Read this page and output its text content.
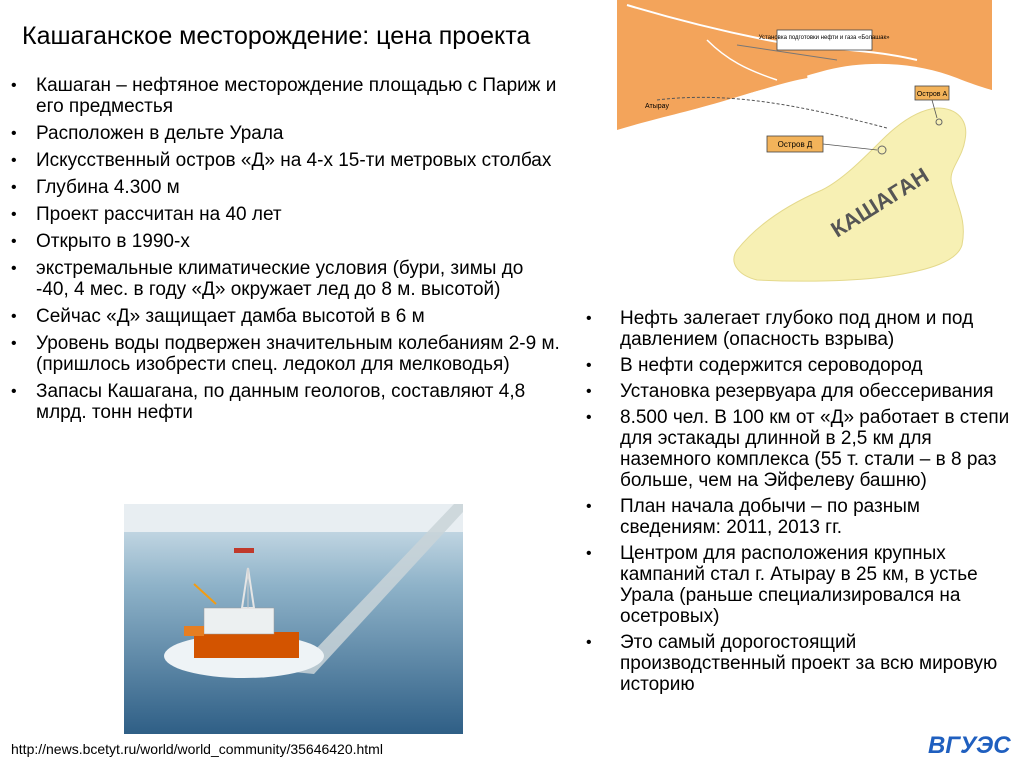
Кашаганское месторождение: цена проекта	Установка подготовки нефти и газа «Болашак»
Остров А
Остров Д
Атырау
КАШАГАН
• Кашаган – нефтяное месторождение площадью с Париж и его предместья
• Расположен в дельте Урала
• Искусственный остров «Д» на 4-х 15-ти метровых столбах
• Глубина 4.300 м
• Проект рассчитан на 40 лет
• Открыто в 1990-х
• экстремальные климатические условия (бури, зимы до -40, 4 мес. в году «Д» окружает лед до 8 м. высотой)
• Сейчас «Д» защищает дамба высотой в 6 м
• Уровень воды подвержен значительным колебаниям 2-9 м. (пришлось изобрести спец. ледокол для мелководья)
• Запасы Кашагана, по данным геологов, составляют 4,8 млрд. тонн нефти
• Нефть залегает глубоко под дном и под давлением (опасность взрыва)
• В нефти содержится сероводород
• Установка резервуара для обессеривания
• 8.500 чел. В 100 км от «Д» работает в степи для эстакады длинной в 2,5 км для наземного комплекса (55 т. стали – в 8 раз больше, чем на Эйфелеву башню)
• План начала добычи – по разным сведениям: 2011, 2013 гг.
• Центром для расположения крупных кампаний стал г. Атырау в 25 км, в устье Урала (раньше специализировался на осетровых)
• Это самый дорогостоящий производственный проект за всю мировую историю
http://news.bcetyt.ru/world/world_community/35646420.html	ВГУЭС
